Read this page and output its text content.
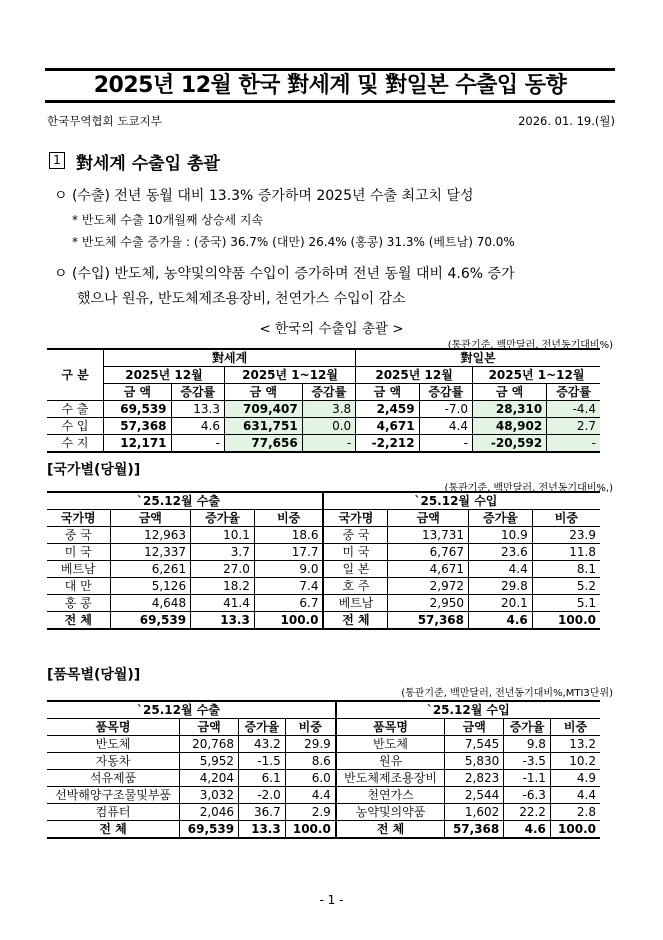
2025년 12월 한국 對세계 및 對일본 수출입 동향
한국무역협회 도쿄지부	2026. 01. 19.(월)
1 對세계 수출입 총괄
ㅇ (수출) 전년 동월 대비 13.3% 증가하며 2025년 수출 최고치 달성
* 반도체 수출 10개월째 상승세 지속
* 반도체 수출 증가율 : (중국) 36.7% (대만) 26.4% (홍콩) 31.3% (베트남) 70.0%
ㅇ (수입) 반도체, 농약및의약품 수입이 증가하며 전년 동월 대비 4.6% 증가
했으나 원유, 반도체제조용장비, 천연가스 수입이 감소
< 한국의 수출입 총괄 >
(통관기준, 백만달러, 전년동기대비%)
구 분	對세계				對일본			
	2025년 12월		2025년 1~12월		2025년 12월		2025년 1~12월	
	금 액	증감률	금 액	증감률	금 액	증감률	금 액	증감률
수 출	69,539	13.3	709,407	3.8	2,459	-7.0	28,310	-4.4
수 입	57,368	4.6	631,751	0.0	4,671	4.4	48,902	2.7
수 지	12,171	-	77,656	-	-2,212	-	-20,592	-
[국가별(당월)]
(통관기준, 백만달러, 전년동기대비%,)
`25.12월 수출				`25.12월 수입			
국가명	금액	증가율	비중	국가명	금액	증가율	비중
중 국	12,963	10.1	18.6	중 국	13,731	10.9	23.9
미 국	12,337	3.7	17.7	미 국	6,767	23.6	11.8
베트남	6,261	27.0	9.0	일 본	4,671	4.4	8.1
대 만	5,126	18.2	7.4	호 주	2,972	29.8	5.2
홍 콩	4,648	41.4	6.7	베트남	2,950	20.1	5.1
전 체	69,539	13.3	100.0	전 체	57,368	4.6	100.0
[품목별(당월)]
(통관기준, 백만달러, 전년동기대비%,MTI3단위)
`25.12월 수출				`25.12월 수입			
품목명	금액	증가율	비중	품목명	금액	증가율	비중
반도체	20,768	43.2	29.9	반도체	7,545	9.8	13.2
자동차	5,952	-1.5	8.6	원유	5,830	-3.5	10.2
석유제품	4,204	6.1	6.0	반도체제조용장비	2,823	-1.1	4.9
선박해양구조물및부품	3,032	-2.0	4.4	천연가스	2,544	-6.3	4.4
컴퓨터	2,046	36.7	2.9	농약및의약품	1,602	22.2	2.8
전 체	69,539	13.3	100.0	전 체	57,368	4.6	100.0
- 1 -
